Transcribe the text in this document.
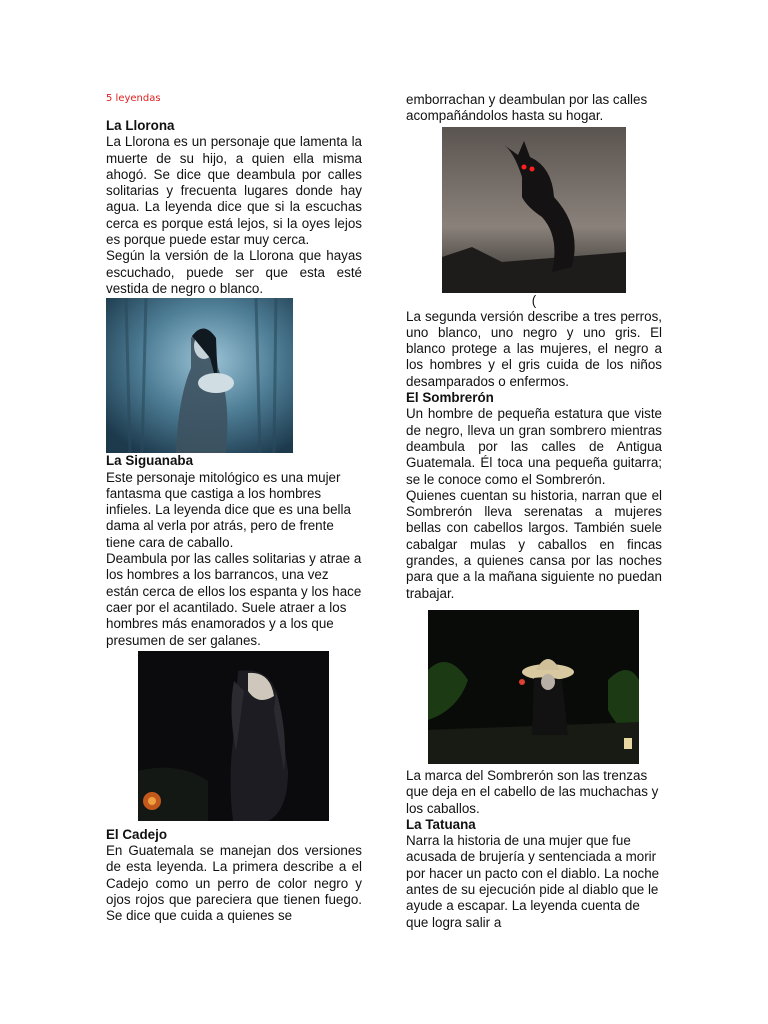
5 leyendas
La Llorona

La Llorona es un personaje que lamenta la muerte de su hijo, a quien ella misma ahogó. Se dice que deambula por calles solitarias y frecuenta lugares donde hay agua. La leyenda dice que si la escuchas cerca es porque está lejos, si la oyes lejos es porque puede estar muy cerca.

Según la versión de la Llorona que hayas escuchado, puede ser que esta esté vestida de negro o blanco.

La Siguanaba

Este personaje mitológico es una mujer fantasma que castiga a los hombres infieles. La leyenda dice que es una bella dama al verla por atrás, pero de frente tiene cara de caballo.

Deambula por las calles solitarias y atrae a los hombres a los barrancos, una vez están cerca de ellos los espanta y los hace caer por el acantilado. Suele atraer a los hombres más enamorados y a los que presumen de ser galanes.

El Cadejo

En Guatemala se manejan dos versiones de esta leyenda. La primera describe a el Cadejo como un perro de color negro y ojos rojos que pareciera que tienen fuego. Se dice que cuida a quienes se

emborrachan y deambulan por las calles acompañándolos hasta su hogar.

(

La segunda versión describe a tres perros, uno blanco, uno negro y uno gris. El blanco protege a las mujeres, el negro a los hombres y el gris cuida de los niños desamparados o enfermos.

El Sombrerón

Un hombre de pequeña estatura que viste de negro, lleva un gran sombrero mientras deambula por las calles de Antigua Guatemala. Él toca una pequeña guitarra; se le conoce como el Sombrerón.

Quienes cuentan su historia, narran que el Sombrerón lleva serenatas a mujeres bellas con cabellos largos. También suele cabalgar mulas y caballos en fincas grandes, a quienes cansa por las noches para que a la mañana siguiente no puedan trabajar.

La marca del Sombrerón son las trenzas que deja en el cabello de las muchachas y los caballos.

La Tatuana

Narra la historia de una mujer que fue acusada de brujería y sentenciada a morir por hacer un pacto con el diablo. La noche antes de su ejecución pide al diablo que le ayude a escapar. La leyenda cuenta de que logra salir a
